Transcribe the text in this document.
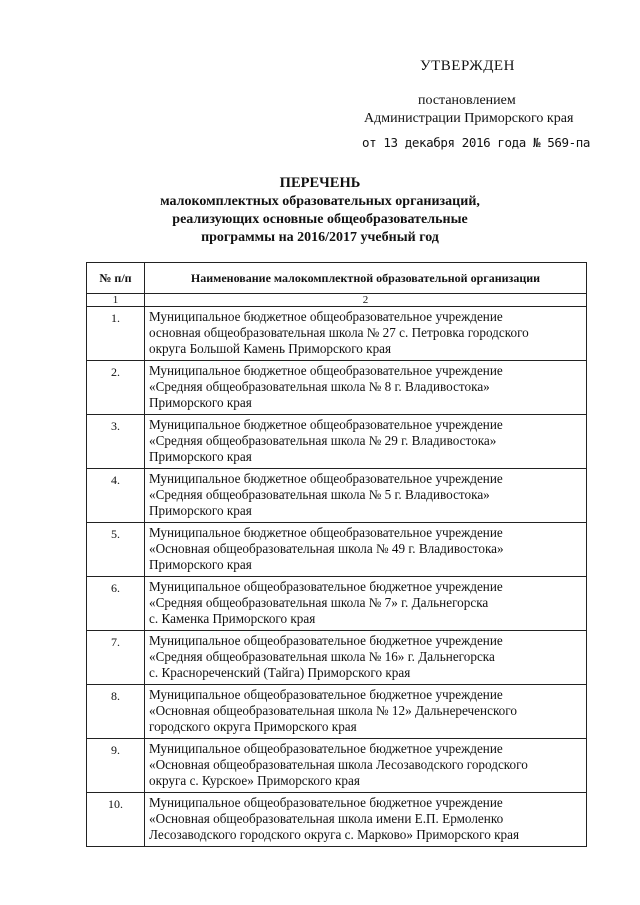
УТВЕРЖДЕН
постановлением
Администрации Приморского края
от 13 декабря 2016 года № 569-па
ПЕРЕЧЕНЬ
малокомплектных образовательных организаций,
реализующих основные общеобразовательные
программы на 2016/2017 учебный год
№ п/п	Наименование малокомплектной образовательной организации
1	2
1.	Муниципальное бюджетное общеобразовательное учреждение
основная общеобразовательная школа № 27 с. Петровка городского
округа Большой Камень Приморского края

2.	Муниципальное бюджетное общеобразовательное учреждение
«Средняя общеобразовательная школа № 8 г. Владивостока»
Приморского края

3.	Муниципальное бюджетное общеобразовательное учреждение
«Средняя общеобразовательная школа № 29 г. Владивостока»
Приморского края

4.	Муниципальное бюджетное общеобразовательное учреждение
«Средняя общеобразовательная школа № 5 г. Владивостока»
Приморского края

5.	Муниципальное бюджетное общеобразовательное учреждение
«Основная общеобразовательная школа № 49 г. Владивостока»
Приморского края

6.	Муниципальное общеобразовательное бюджетное учреждение
«Средняя общеобразовательная школа № 7» г. Дальнегорска
с. Каменка Приморского края

7.	Муниципальное общеобразовательное бюджетное учреждение
«Средняя общеобразовательная школа № 16» г. Дальнегорска
с. Краснореченский (Тайга) Приморского края

8.	Муниципальное общеобразовательное бюджетное учреждение
«Основная общеобразовательная школа № 12» Дальнереченского
городского округа Приморского края

9.	Муниципальное общеобразовательное бюджетное учреждение
«Основная общеобразовательная школа Лесозаводского городского
округа с. Курское» Приморского края

10.	Муниципальное общеобразовательное бюджетное учреждение
«Основная общеобразовательная школа имени Е.П. Ермоленко
Лесозаводского городского округа с. Марково» Приморского края
